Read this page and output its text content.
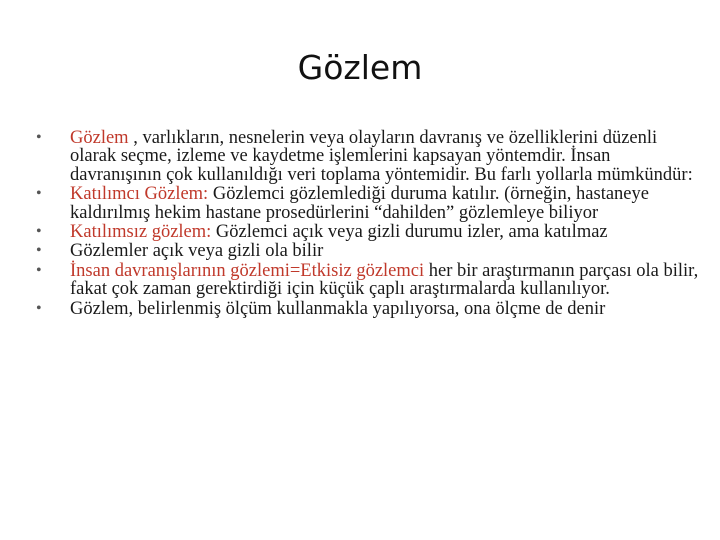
Gözlem
•	Gözlem , varlıkların, nesnelerin veya olayların davranış ve özelliklerini düzenli olarak seçme, izleme ve kaydetme işlemlerini kapsayan yöntemdir. İnsan davranışının çok kullanıldığı veri toplama yöntemidir. Bu farlı yollarla mümkündür:
•	Katılımcı Gözlem: Gözlemci gözlemlediği duruma katılır. (örneğin, hastaneye kaldırılmış hekim hastane prosedürlerini “dahilden” gözlemleye biliyor
•	Katılımsız gözlem: Gözlemci açık veya gizli durumu izler, ama katılmaz
•	Gözlemler açık veya gizli ola bilir
•	İnsan davranışlarının gözlemi=Etkisiz gözlemci her bir araştırmanın parçası ola bilir, fakat çok zaman gerektirdiği için küçük çaplı araştırmalarda kullanılıyor.
•	Gözlem, belirlenmiş ölçüm kullanmakla yapılıyorsa, ona ölçme de denir
